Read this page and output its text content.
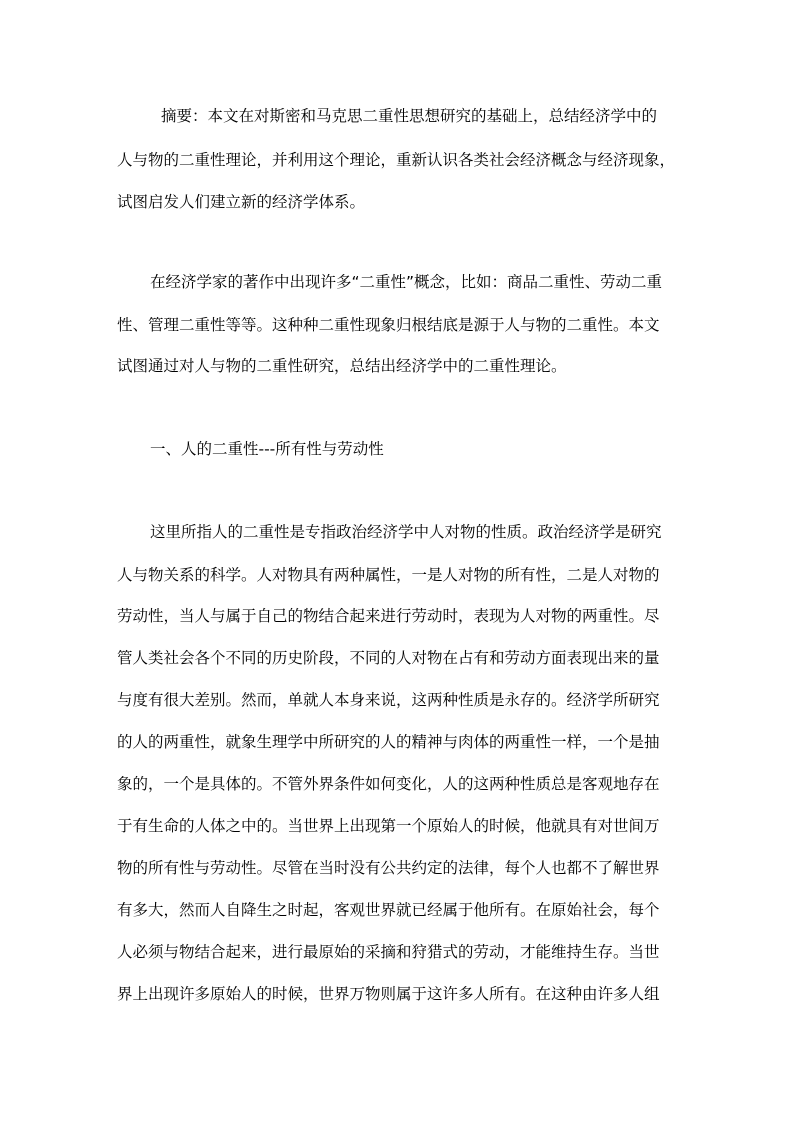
摘要：本文在对斯密和马克思二重性思想研究的基础上，总结经济学中的
人与物的二重性理论，并利用这个理论，重新认识各类社会经济概念与经济现象，
试图启发人们建立新的经济学体系。
在经济学家的著作中出现许多“二重性”概念，比如：商品二重性、劳动二重
性、管理二重性等等。这种种二重性现象归根结底是源于人与物的二重性。本文
试图通过对人与物的二重性研究，总结出经济学中的二重性理论。
一、人的二重性---所有性与劳动性
这里所指人的二重性是专指政治经济学中人对物的性质。政治经济学是研究
人与物关系的科学。人对物具有两种属性，一是人对物的所有性，二是人对物的
劳动性，当人与属于自己的物结合起来进行劳动时，表现为人对物的两重性。尽
管人类社会各个不同的历史阶段，不同的人对物在占有和劳动方面表现出来的量
与度有很大差别。然而，单就人本身来说，这两种性质是永存的。经济学所研究
的人的两重性，就象生理学中所研究的人的精神与肉体的两重性一样，一个是抽
象的，一个是具体的。不管外界条件如何变化，人的这两种性质总是客观地存在
于有生命的人体之中的。当世界上出现第一个原始人的时候，他就具有对世间万
物的所有性与劳动性。尽管在当时没有公共约定的法律，每个人也都不了解世界
有多大，然而人自降生之时起，客观世界就已经属于他所有。在原始社会，每个
人必须与物结合起来，进行最原始的采摘和狩猎式的劳动，才能维持生存。当世
界上出现许多原始人的时候，世界万物则属于这许多人所有。在这种由许多人组
